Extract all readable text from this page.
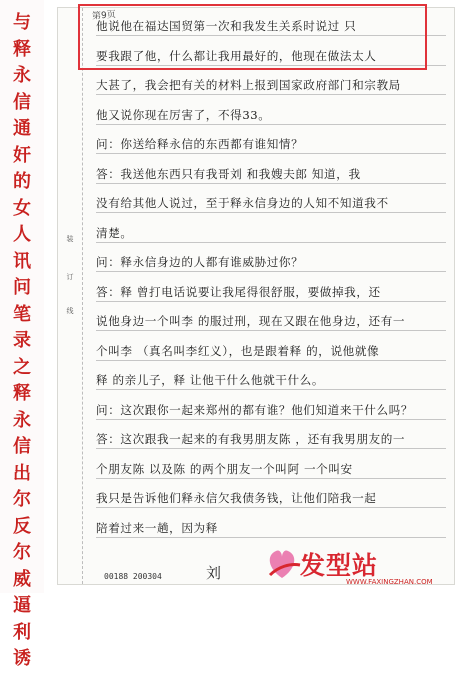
与释永信通奸的女人讯问笔录之释永信出尔反尔威逼利诱
装
订
线
第9页
他说他在福达国贸第一次和我发生关系时说过 只
要我跟了他，什么都让我用最好的，他现在做法太人
大甚了，我会把有关的材料上报到国家政府部门和宗教局
他又说你现在厉害了，不得33。
问：你送给释永信的东西都有谁知情？
答：我送他东西只有我哥刘 和我嫂夫郎 知道，我
没有给其他人说过，至于释永信身边的人知不知道我不
清楚。
问：释永信身边的人都有谁威胁过你？
答：释 曾打电话说要让我尾得很舒服，要做掉我，还
说他身边一个叫李 的服过刑，现在又跟在他身边，还有一
个叫李 （真名叫李红义），也是跟着释 的，说他就像
释 的亲儿子，释 让他干什么他就干什么。
问：这次跟你一起来郑州的都有谁？他们知道来干什么吗？
答：这次跟我一起来的有我男朋友陈 ，还有我男朋友的一
个朋友陈 以及陈 的两个朋友一个叫阿 一个叫安
我只是告诉他们释永信欠我债务钱，让他们陪我一起
陪着过来一趟，因为释
00188 200304	刘	发型站
WWW.FAXINGZHAN.COM
